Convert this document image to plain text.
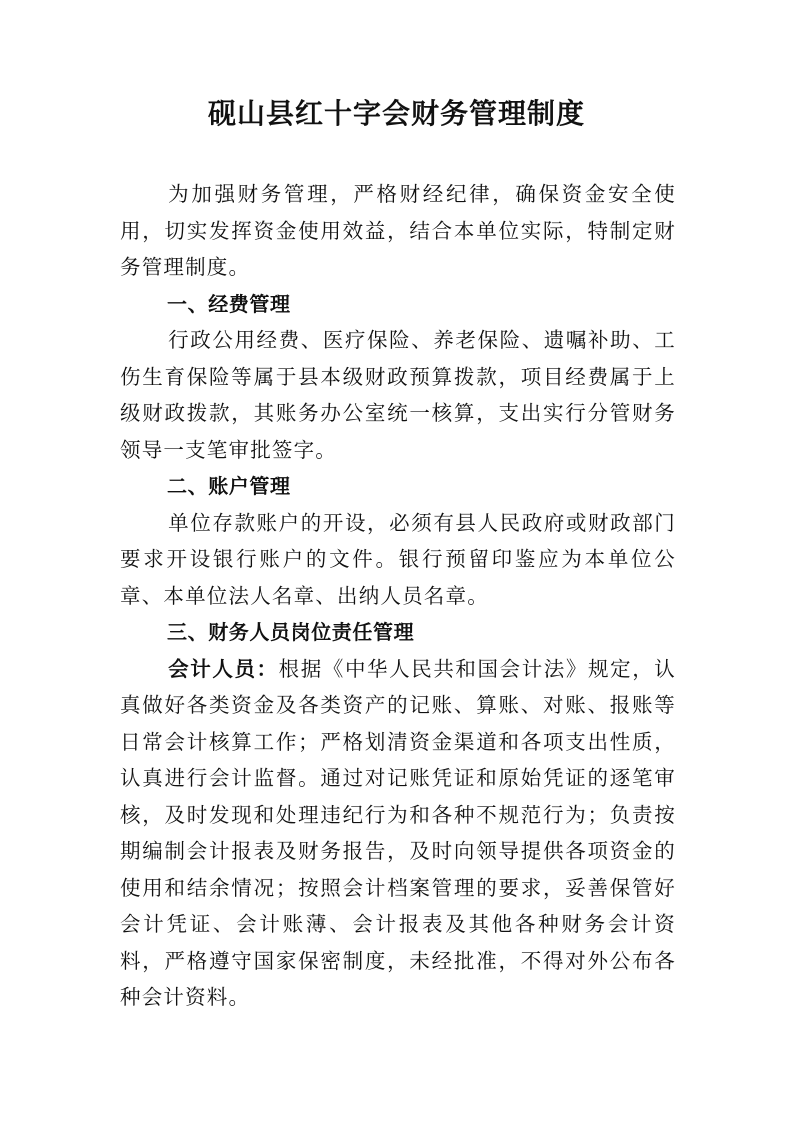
砚山县红十字会财务管理制度

为加强财务管理，严格财经纪律，确保资金安全使用，切实发挥资金使用效益，结合本单位实际，特制定财务管理制度。

一、经费管理

行政公用经费、医疗保险、养老保险、遗嘱补助、工伤生育保险等属于县本级财政预算拨款，项目经费属于上级财政拨款，其账务办公室统一核算，支出实行分管财务领导一支笔审批签字。

二、账户管理

单位存款账户的开设，必须有县人民政府或财政部门要求开设银行账户的文件。银行预留印鉴应为本单位公章、本单位法人名章、出纳人员名章。

三、财务人员岗位责任管理

会计人员：根据《中华人民共和国会计法》规定，认真做好各类资金及各类资产的记账、算账、对账、报账等日常会计核算工作；严格划清资金渠道和各项支出性质，认真进行会计监督。通过对记账凭证和原始凭证的逐笔审核，及时发现和处理违纪行为和各种不规范行为；负责按期编制会计报表及财务报告，及时向领导提供各项资金的使用和结余情况；按照会计档案管理的要求，妥善保管好会计凭证、会计账薄、会计报表及其他各种财务会计资料，严格遵守国家保密制度，未经批准，不得对外公布各种会计资料。
